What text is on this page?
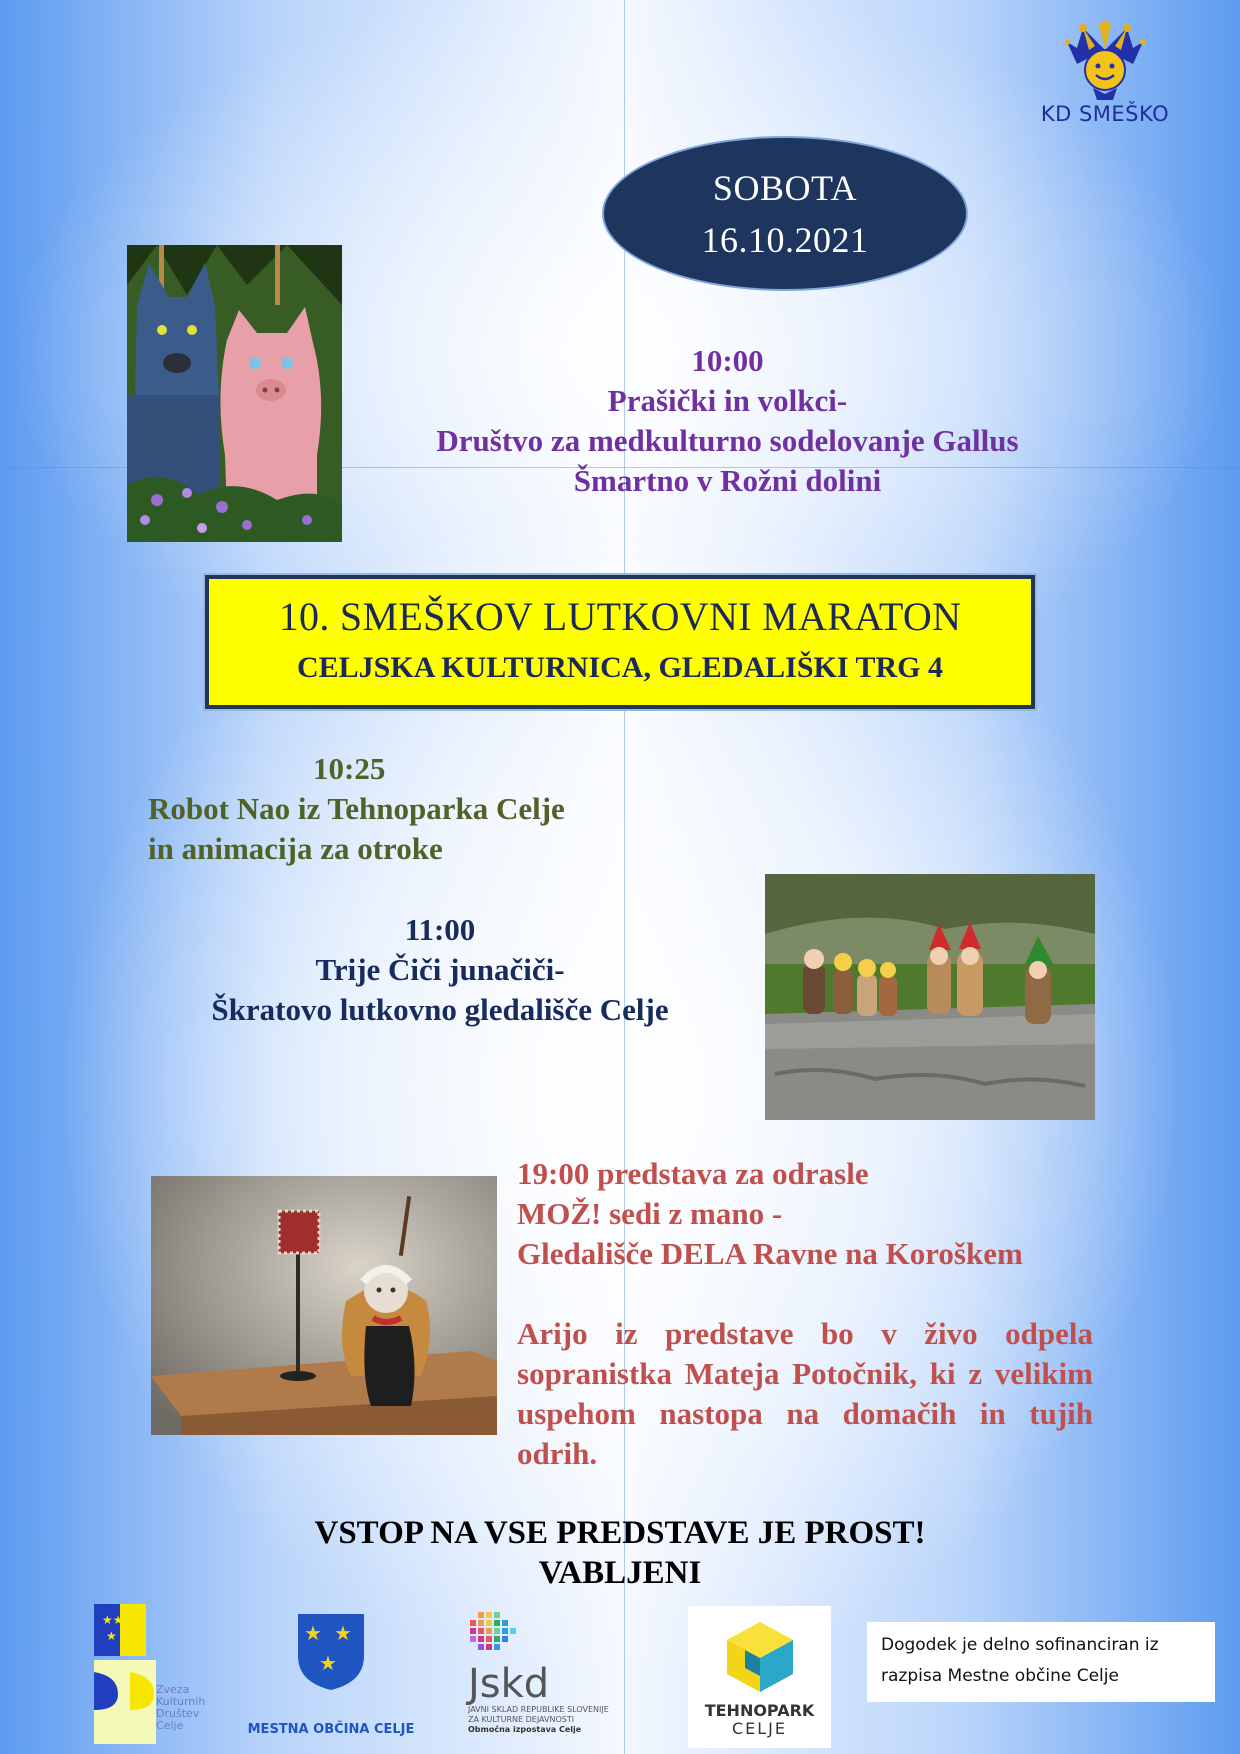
KD SMEŠKO
SOBOTA
16.10.2021
10:00
Prašički in volkci-
Društvo za medkulturno sodelovanje Gallus
Šmartno v Rožni dolini
10. SMEŠKOV LUTKOVNI MARATON
CELJSKA KULTURNICA, GLEDALIŠKI TRG 4
10:25
Robot Nao iz Tehnoparka Celje
in animacija za otroke
11:00
Trije Čiči junačiči-
Škratovo lutkovno gledališče Celje
19:00 predstava za odrasle
MOŽ! sedi z mano -
Gledališče DELA Ravne na Koroškem
Arijo iz predstave bo v živo odpela sopranistka Mateja Potočnik, ki z velikim uspehom nastopa na domačih in tujih odrih.
VSTOP NA VSE PREDSTAVE JE PROST!
VABLJENI
★★
★
Zveza
Kulturnih
Društev
Celje
★ ★
★
MESTNA OBČINA CELJE
Jskd
JAVNI SKLAD REPUBLIKE SLOVENIJE
ZA KULTURNE DEJAVNOSTI
Območna izpostava Celje
TEHNOPARK
CELJE
Dogodek je delno sofinanciran iz razpisa Mestne občine Celje
